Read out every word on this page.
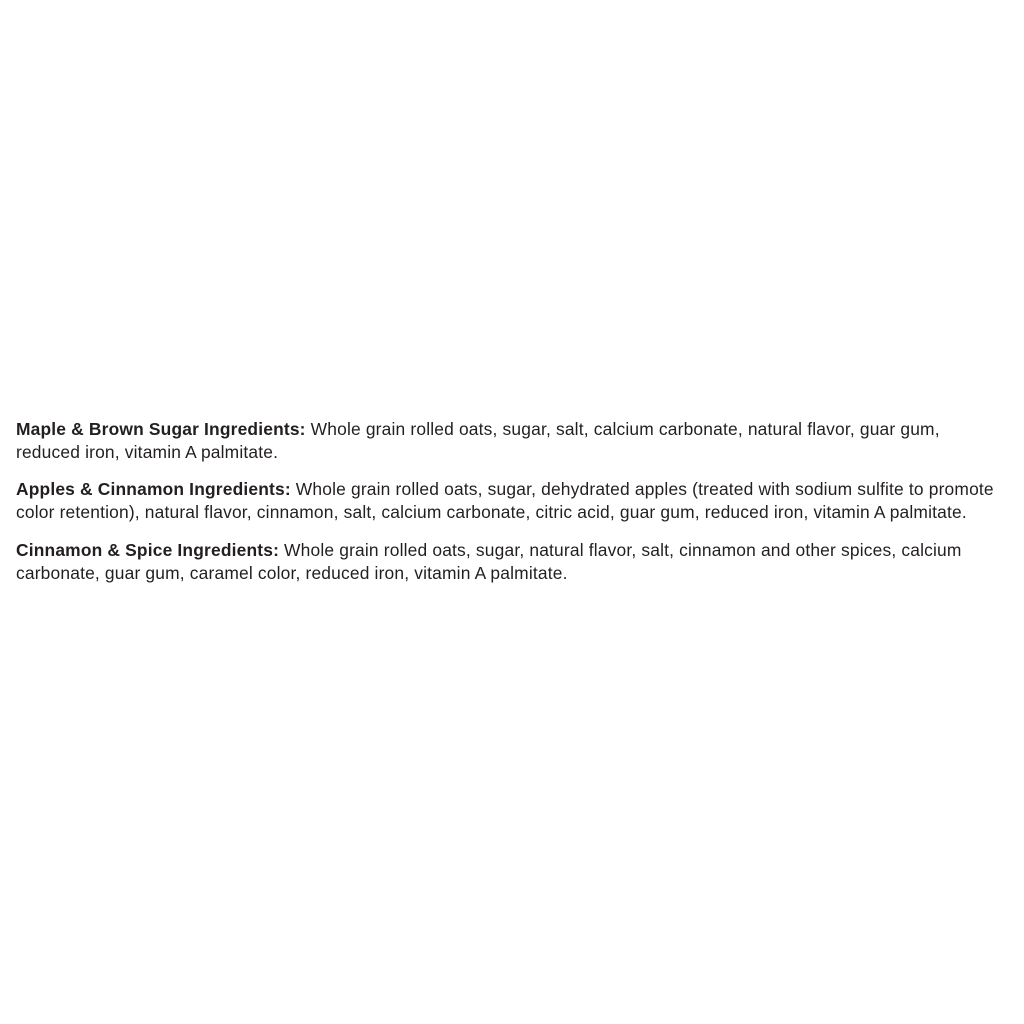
Maple & Brown Sugar Ingredients: Whole grain rolled oats, sugar, salt, calcium carbonate, natural flavor, guar gum, reduced iron, vitamin A palmitate.

Apples & Cinnamon Ingredients: Whole grain rolled oats, sugar, dehydrated apples (treated with sodium sulfite to promote color retention), natural flavor, cinnamon, salt, calcium carbonate, citric acid, guar gum, reduced iron, vitamin A palmitate.

Cinnamon & Spice Ingredients: Whole grain rolled oats, sugar, natural flavor, salt, cinnamon and other spices, calcium carbonate, guar gum, caramel color, reduced iron, vitamin A palmitate.
